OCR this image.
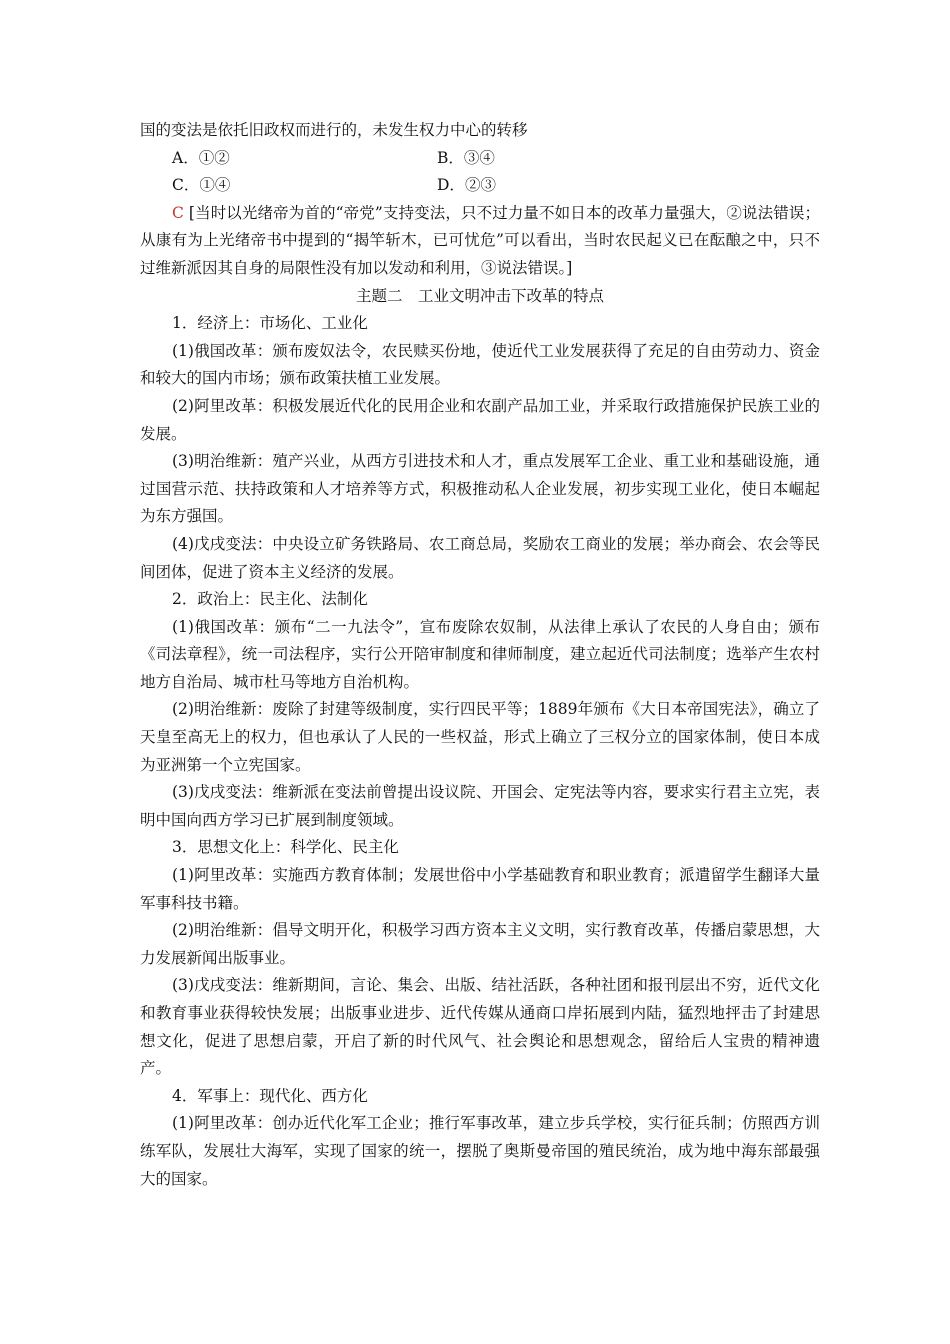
国的变法是依托旧政权而进行的，未发生权力中心的转移

A．①②	B．③④
C．①④	D．②③

C [当时以光绪帝为首的“帝党”支持变法，只不过力量不如日本的改革力量强大，②说法错误；从康有为上光绪帝书中提到的“揭竿斩木，已可忧危”可以看出，当时农民起义已在酝酿之中，只不过维新派因其自身的局限性没有加以发动和利用，③说法错误。]

主题二　工业文明冲击下改革的特点

1．经济上：市场化、工业化

(1)俄国改革：颁布废奴法令，农民赎买份地，使近代工业发展获得了充足的自由劳动力、资金和较大的国内市场；颁布政策扶植工业发展。

(2)阿里改革：积极发展近代化的民用企业和农副产品加工业，并采取行政措施保护民族工业的发展。

(3)明治维新：殖产兴业，从西方引进技术和人才，重点发展军工企业、重工业和基础设施，通过国营示范、扶持政策和人才培养等方式，积极推动私人企业发展，初步实现工业化，使日本崛起为东方强国。

(4)戊戌变法：中央设立矿务铁路局、农工商总局，奖励农工商业的发展；举办商会、农会等民间团体，促进了资本主义经济的发展。

2．政治上：民主化、法制化

(1)俄国改革：颁布“二一九法令”，宣布废除农奴制，从法律上承认了农民的人身自由；颁布《司法章程》，统一司法程序，实行公开陪审制度和律师制度，建立起近代司法制度；选举产生农村地方自治局、城市杜马等地方自治机构。

(2)明治维新：废除了封建等级制度，实行四民平等；1889年颁布《大日本帝国宪法》，确立了天皇至高无上的权力，但也承认了人民的一些权益，形式上确立了三权分立的国家体制，使日本成为亚洲第一个立宪国家。

(3)戊戌变法：维新派在变法前曾提出设议院、开国会、定宪法等内容，要求实行君主立宪，表明中国向西方学习已扩展到制度领域。

3．思想文化上：科学化、民主化

(1)阿里改革：实施西方教育体制；发展世俗中小学基础教育和职业教育；派遣留学生翻译大量军事科技书籍。

(2)明治维新：倡导文明开化，积极学习西方资本主义文明，实行教育改革，传播启蒙思想，大力发展新闻出版事业。

(3)戊戌变法：维新期间，言论、集会、出版、结社活跃，各种社团和报刊层出不穷，近代文化和教育事业获得较快发展；出版事业进步、近代传媒从通商口岸拓展到内陆，猛烈地抨击了封建思想文化，促进了思想启蒙，开启了新的时代风气、社会舆论和思想观念，留给后人宝贵的精神遗产。

4．军事上：现代化、西方化

(1)阿里改革：创办近代化军工企业；推行军事改革，建立步兵学校，实行征兵制；仿照西方训练军队，发展壮大海军，实现了国家的统一，摆脱了奥斯曼帝国的殖民统治，成为地中海东部最强大的国家。
